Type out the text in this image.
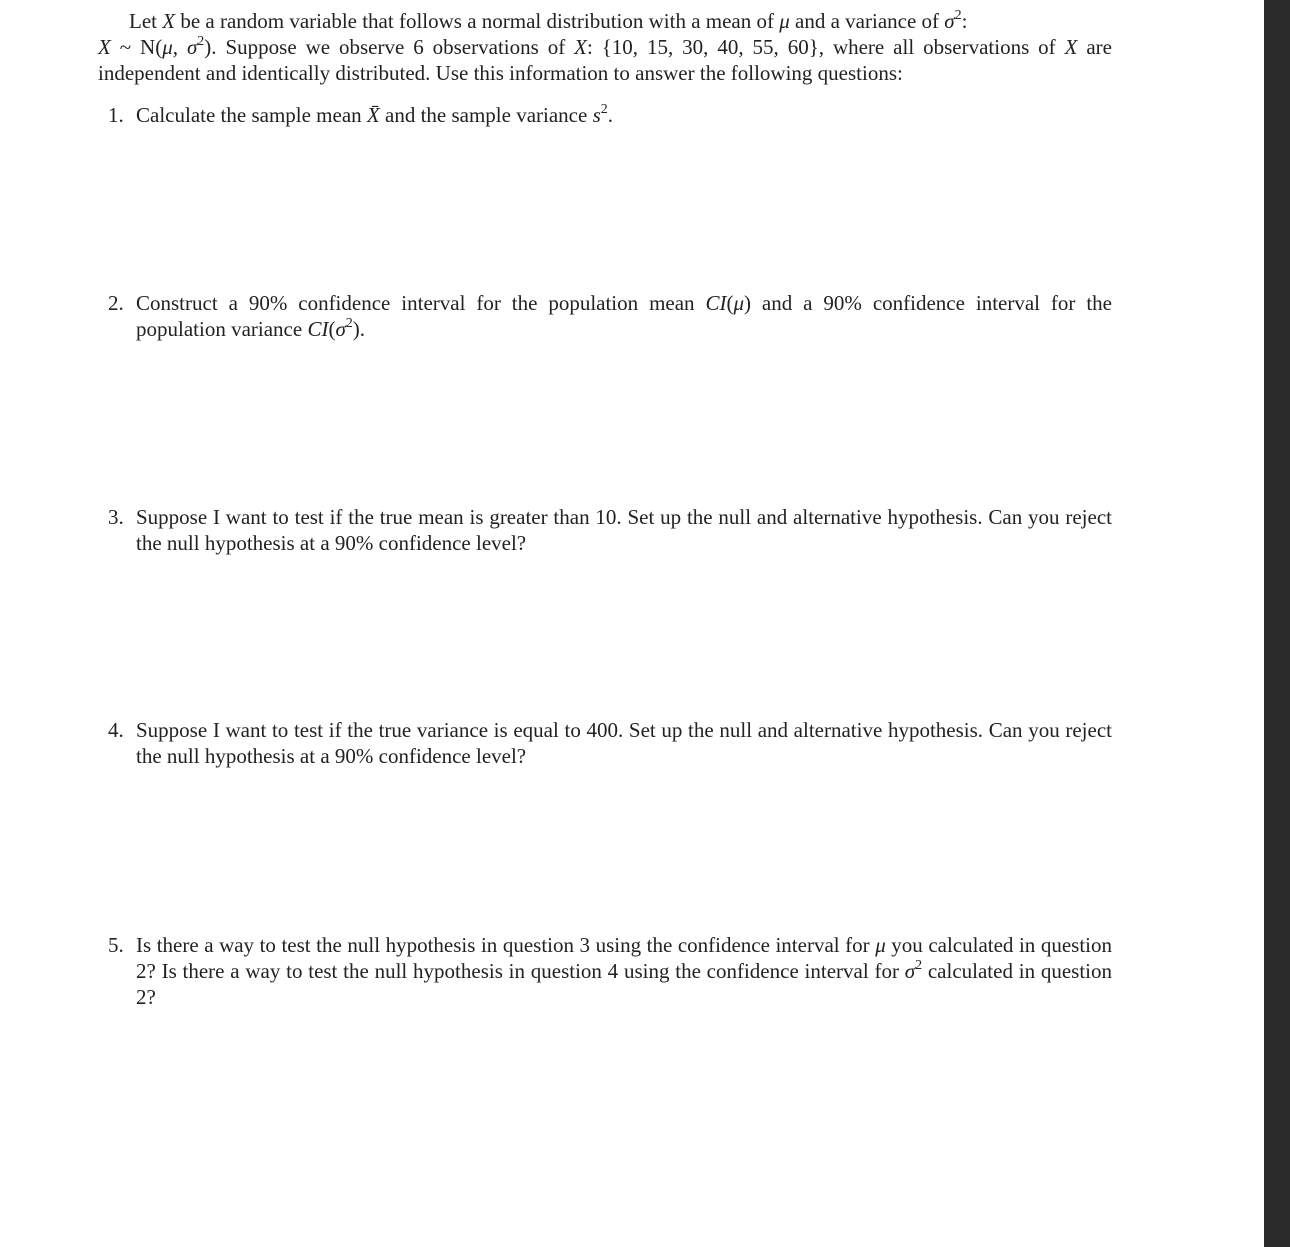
Let X be a random variable that follows a normal distribution with a mean of μ and a variance of $\sigma^2$:
X ~ N(μ, $\sigma^2$). Suppose we observe 6 observations of X: {10, 15, 30, 40, 55, 60}, where all observations of X are independent and identically distributed. Use this information to answer the following questions:

1. Calculate the sample mean X̄ and the sample variance $s^2$.
2. Construct a 90% confidence interval for the population mean CI(μ) and a 90% confidence interval for the population variance $CI(\sigma^2)$.
3. Suppose I want to test if the true mean is greater than 10. Set up the null and alternative hypothesis. Can you reject the null hypothesis at a 90% confidence level?
4. Suppose I want to test if the true variance is equal to 400. Set up the null and alternative hypothesis. Can you reject the null hypothesis at a 90% confidence level?
5. Is there a way to test the null hypothesis in question 3 using the confidence interval for μ you calculated in question 2? Is there a way to test the null hypothesis in question 4 using the confidence interval for $\sigma^2$ calculated in question 2?
